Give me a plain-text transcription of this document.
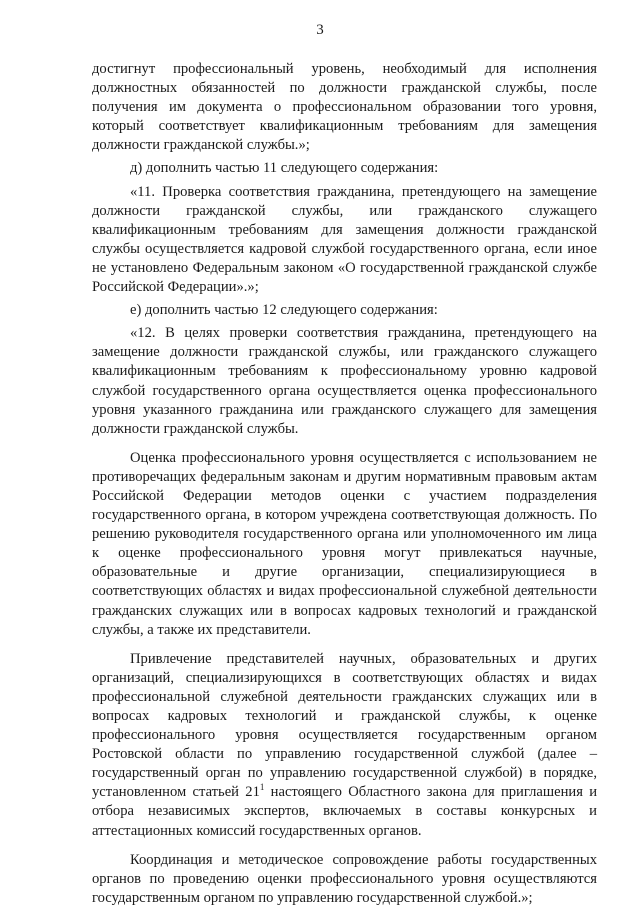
3

достигнут профессиональный уровень, необходимый для исполнения должностных обязанностей по должности гражданской службы, после получения им документа о профессиональном образовании того уровня, который соответствует квалификационным требованиям для замещения должности гражданской службы.»;

д) дополнить частью 11 следующего содержания:

«11. Проверка соответствия гражданина, претендующего на замещение должности гражданской службы, или гражданского служащего квалификационным требованиям для замещения должности гражданской службы осуществляется кадровой службой государственного органа, если иное не установлено Федеральным законом «О государственной гражданской службе Российской Федерации».»;

е) дополнить частью 12 следующего содержания:

«12. В целях проверки соответствия гражданина, претендующего на замещение должности гражданской службы, или гражданского служащего квалификационным требованиям к профессиональному уровню кадровой службой государственного органа осуществляется оценка профессионального уровня указанного гражданина или гражданского служащего для замещения должности гражданской службы.

Оценка профессионального уровня осуществляется с использованием не противоречащих федеральным законам и другим нормативным правовым актам Российской Федерации методов оценки с участием подразделения государственного органа, в котором учреждена соответствующая должность. По решению руководителя государственного органа или уполномоченного им лица к оценке профессионального уровня могут привлекаться научные, образовательные и другие организации, специализирующиеся в соответствующих областях и видах профессиональной служебной деятельности гражданских служащих или в вопросах кадровых технологий и гражданской службы, а также их представители.

Привлечение представителей научных, образовательных и других организаций, специализирующихся в соответствующих областях и видах профессиональной служебной деятельности гражданских служащих или в вопросах кадровых технологий и гражданской службы, к оценке профессионального уровня осуществляется государственным органом Ростовской области по управлению государственной службой (далее – государственный орган по управлению государственной службой) в порядке, установленном статьей $21^1$ настоящего Областного закона для приглашения и отбора независимых экспертов, включаемых в составы конкурсных и аттестационных комиссий государственных органов.

Координация и методическое сопровождение работы государственных органов по проведению оценки профессионального уровня осуществляются государственным органом по управлению государственной службой.»;
